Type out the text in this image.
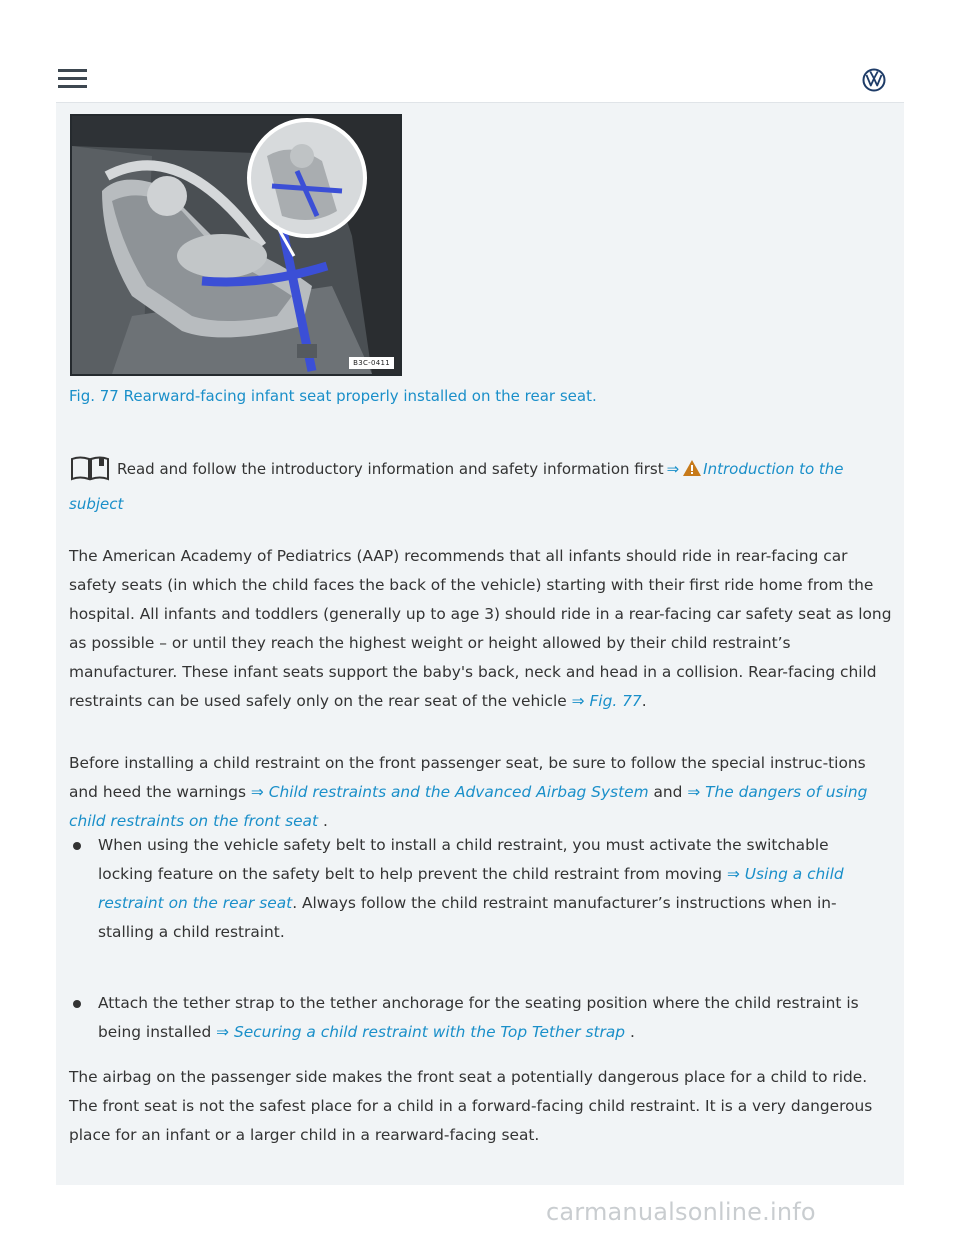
B3C-0411
Fig. 77 Rearward-facing infant seat properly installed on the rear seat.
Read and follow the introductory information and safety information first ⇒ Introduction to the subject
The American Academy of Pediatrics (AAP) recommends that all infants should ride in rear-facing car safety seats (in which the child faces the back of the vehicle) starting with their first ride home from the hospital. All infants and toddlers (generally up to age 3) should ride in a rear-facing car safety seat as long as possible – or until they reach the highest weight or height allowed by their child restraint’s manufacturer. These infant seats support the baby's back, neck and head in a collision. Rear-facing child restraints can be used safely only on the rear seat of the vehicle ⇒ Fig. 77.
Before installing a child restraint on the front passenger seat, be sure to follow the special instruc-tions and heed the warnings ⇒ Child restraints and the Advanced Airbag System and ⇒ The dangers of using child restraints on the front seat .
When using the vehicle safety belt to install a child restraint, you must activate the switchable locking feature on the safety belt to help prevent the child restraint from moving ⇒ Using a child restraint on the rear seat. Always follow the child restraint manufacturer’s instructions when in-stalling a child restraint.
Attach the tether strap to the tether anchorage for the seating position where the child restraint is being installed ⇒ Securing a child restraint with the Top Tether strap .
The airbag on the passenger side makes the front seat a potentially dangerous place for a child to ride. The front seat is not the safest place for a child in a forward-facing child restraint. It is a very dangerous place for an infant or a larger child in a rearward-facing seat.
carmanualsonline.info
